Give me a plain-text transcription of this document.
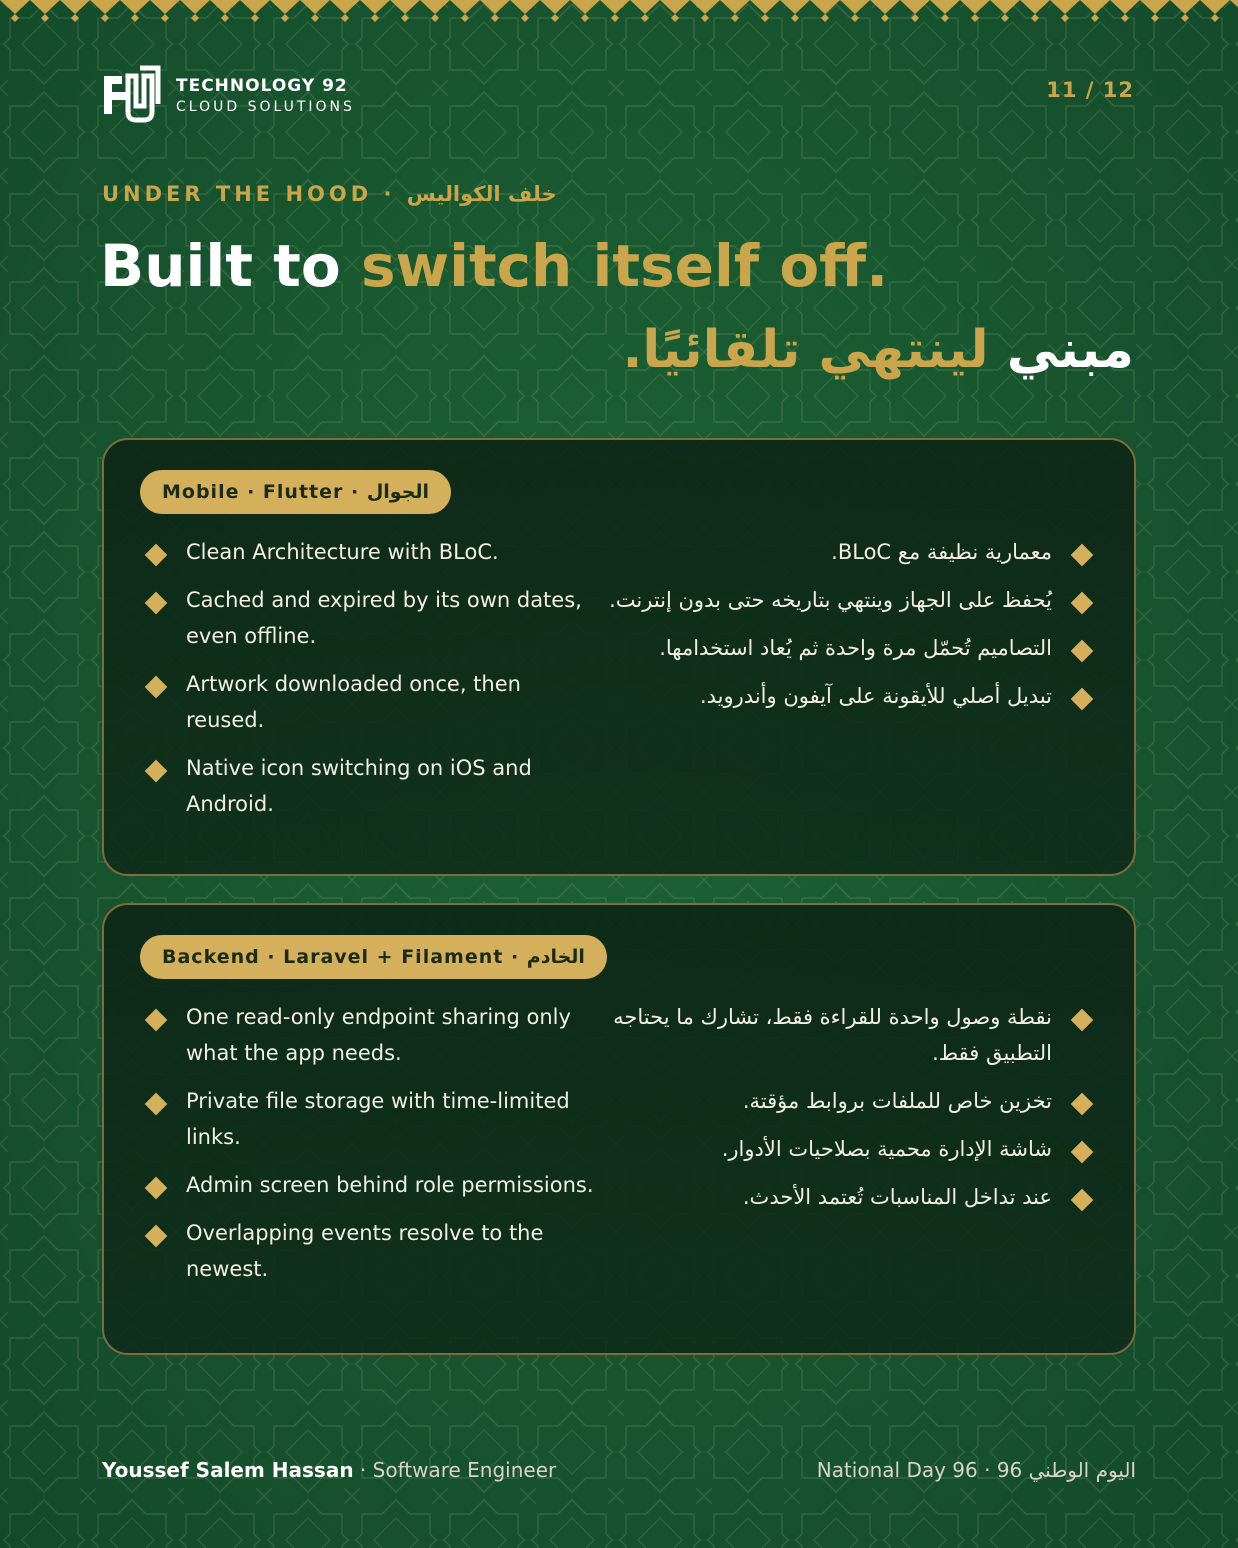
TECHNOLOGY 92
CLOUD SOLUTIONS
11 / 12
UNDER THE HOOD · خلف الكواليس
Built to switch itself off.
مبني لينتهي تلقائيًا.
Mobile · Flutter · الجوال
Clean Architecture with BLoC.
Cached and expired by its own dates, even offline.
Artwork downloaded once, then reused.
Native icon switching on iOS and Android.
معمارية نظيفة مع BLoC.
يُحفظ على الجهاز وينتهي بتاريخه حتى بدون إنترنت.
التصاميم تُحمّل مرة واحدة ثم يُعاد استخدامها.
تبديل أصلي للأيقونة على آيفون وأندرويد.
Backend · Laravel + Filament · الخادم
One read-only endpoint sharing only what the app needs.
Private file storage with time-limited links.
Admin screen behind role permissions.
Overlapping events resolve to the newest.
نقطة وصول واحدة للقراءة فقط، تشارك ما يحتاجه التطبيق فقط.
تخزين خاص للملفات بروابط مؤقتة.
شاشة الإدارة محمية بصلاحيات الأدوار.
عند تداخل المناسبات تُعتمد الأحدث.
Youssef Salem Hassan · Software Engineer	National Day 96 · 96 اليوم الوطني
